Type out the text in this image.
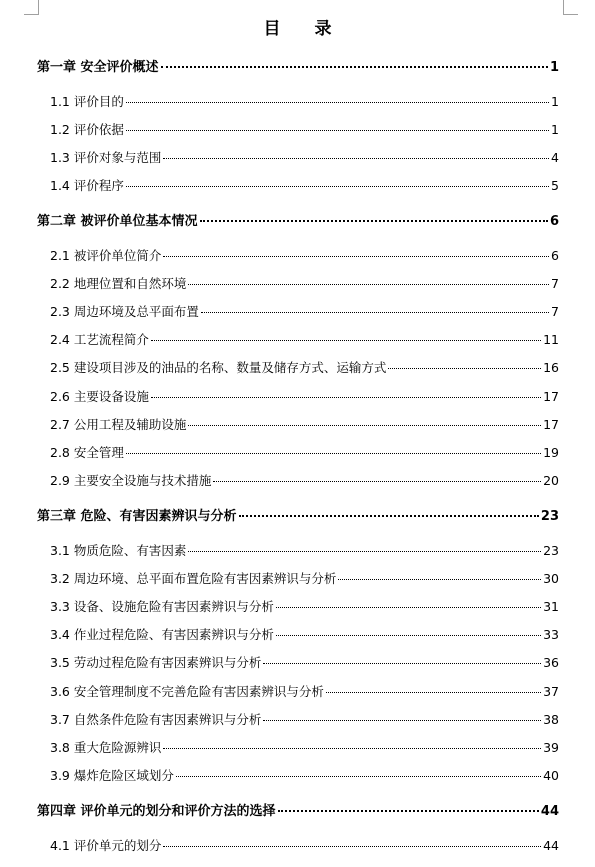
目 录
第一章 安全评价概述	1
1.1 评价目的	1
1.2 评价依据	1
1.3 评价对象与范围	4
1.4 评价程序	5
第二章 被评价单位基本情况	6
2.1 被评价单位简介	6
2.2 地理位置和自然环境	7
2.3 周边环境及总平面布置	7
2.4 工艺流程简介	11
2.5 建设项目涉及的油品的名称、数量及储存方式、运输方式	16
2.6 主要设备设施	17
2.7 公用工程及辅助设施	17
2.8 安全管理	19
2.9 主要安全设施与技术措施	20
第三章 危险、有害因素辨识与分析	23
3.1 物质危险、有害因素	23
3.2 周边环境、总平面布置危险有害因素辨识与分析	30
3.3 设备、设施危险有害因素辨识与分析	31
3.4 作业过程危险、有害因素辨识与分析	33
3.5 劳动过程危险有害因素辨识与分析	36
3.6 安全管理制度不完善危险有害因素辨识与分析	37
3.7 自然条件危险有害因素辨识与分析	38
3.8 重大危险源辨识	39
3.9 爆炸危险区域划分	40
第四章 评价单元的划分和评价方法的选择	44
4.1 评价单元的划分	44
